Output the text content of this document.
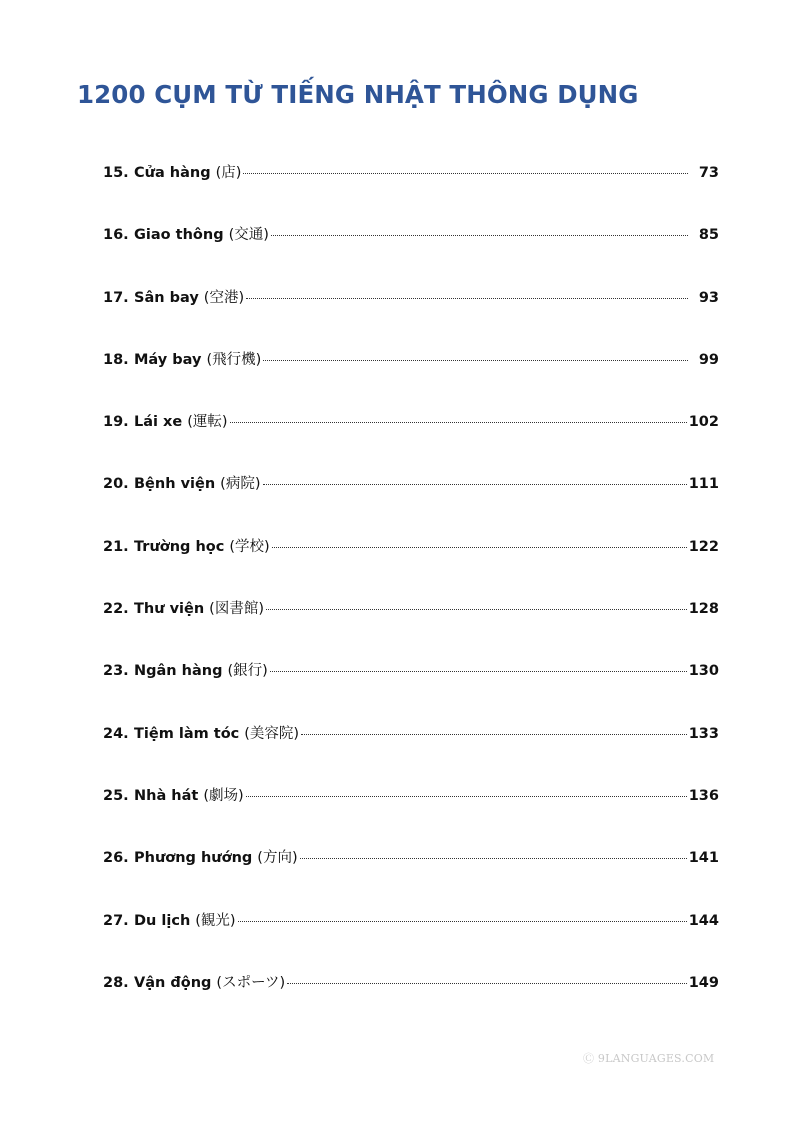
1200 CỤM TỪ TIẾNG NHẬT THÔNG DỤNG
15. Cửa hàng (店)	73
16. Giao thông (交通)	85
17. Sân bay (空港)	93
18. Máy bay (飛行機)	99
19. Lái xe (運転)	102
20. Bệnh viện (病院)	111
21. Trường học (学校)	122
22. Thư viện (図書館)	128
23. Ngân hàng (銀行)	130
24. Tiệm làm tóc (美容院)	133
25. Nhà hát (劇场)	136
26. Phương hướng (方向)	141
27. Du lịch (観光)	144
28. Vận động (スポーツ)	149
Ⓒ 9LANGUAGES.COM
